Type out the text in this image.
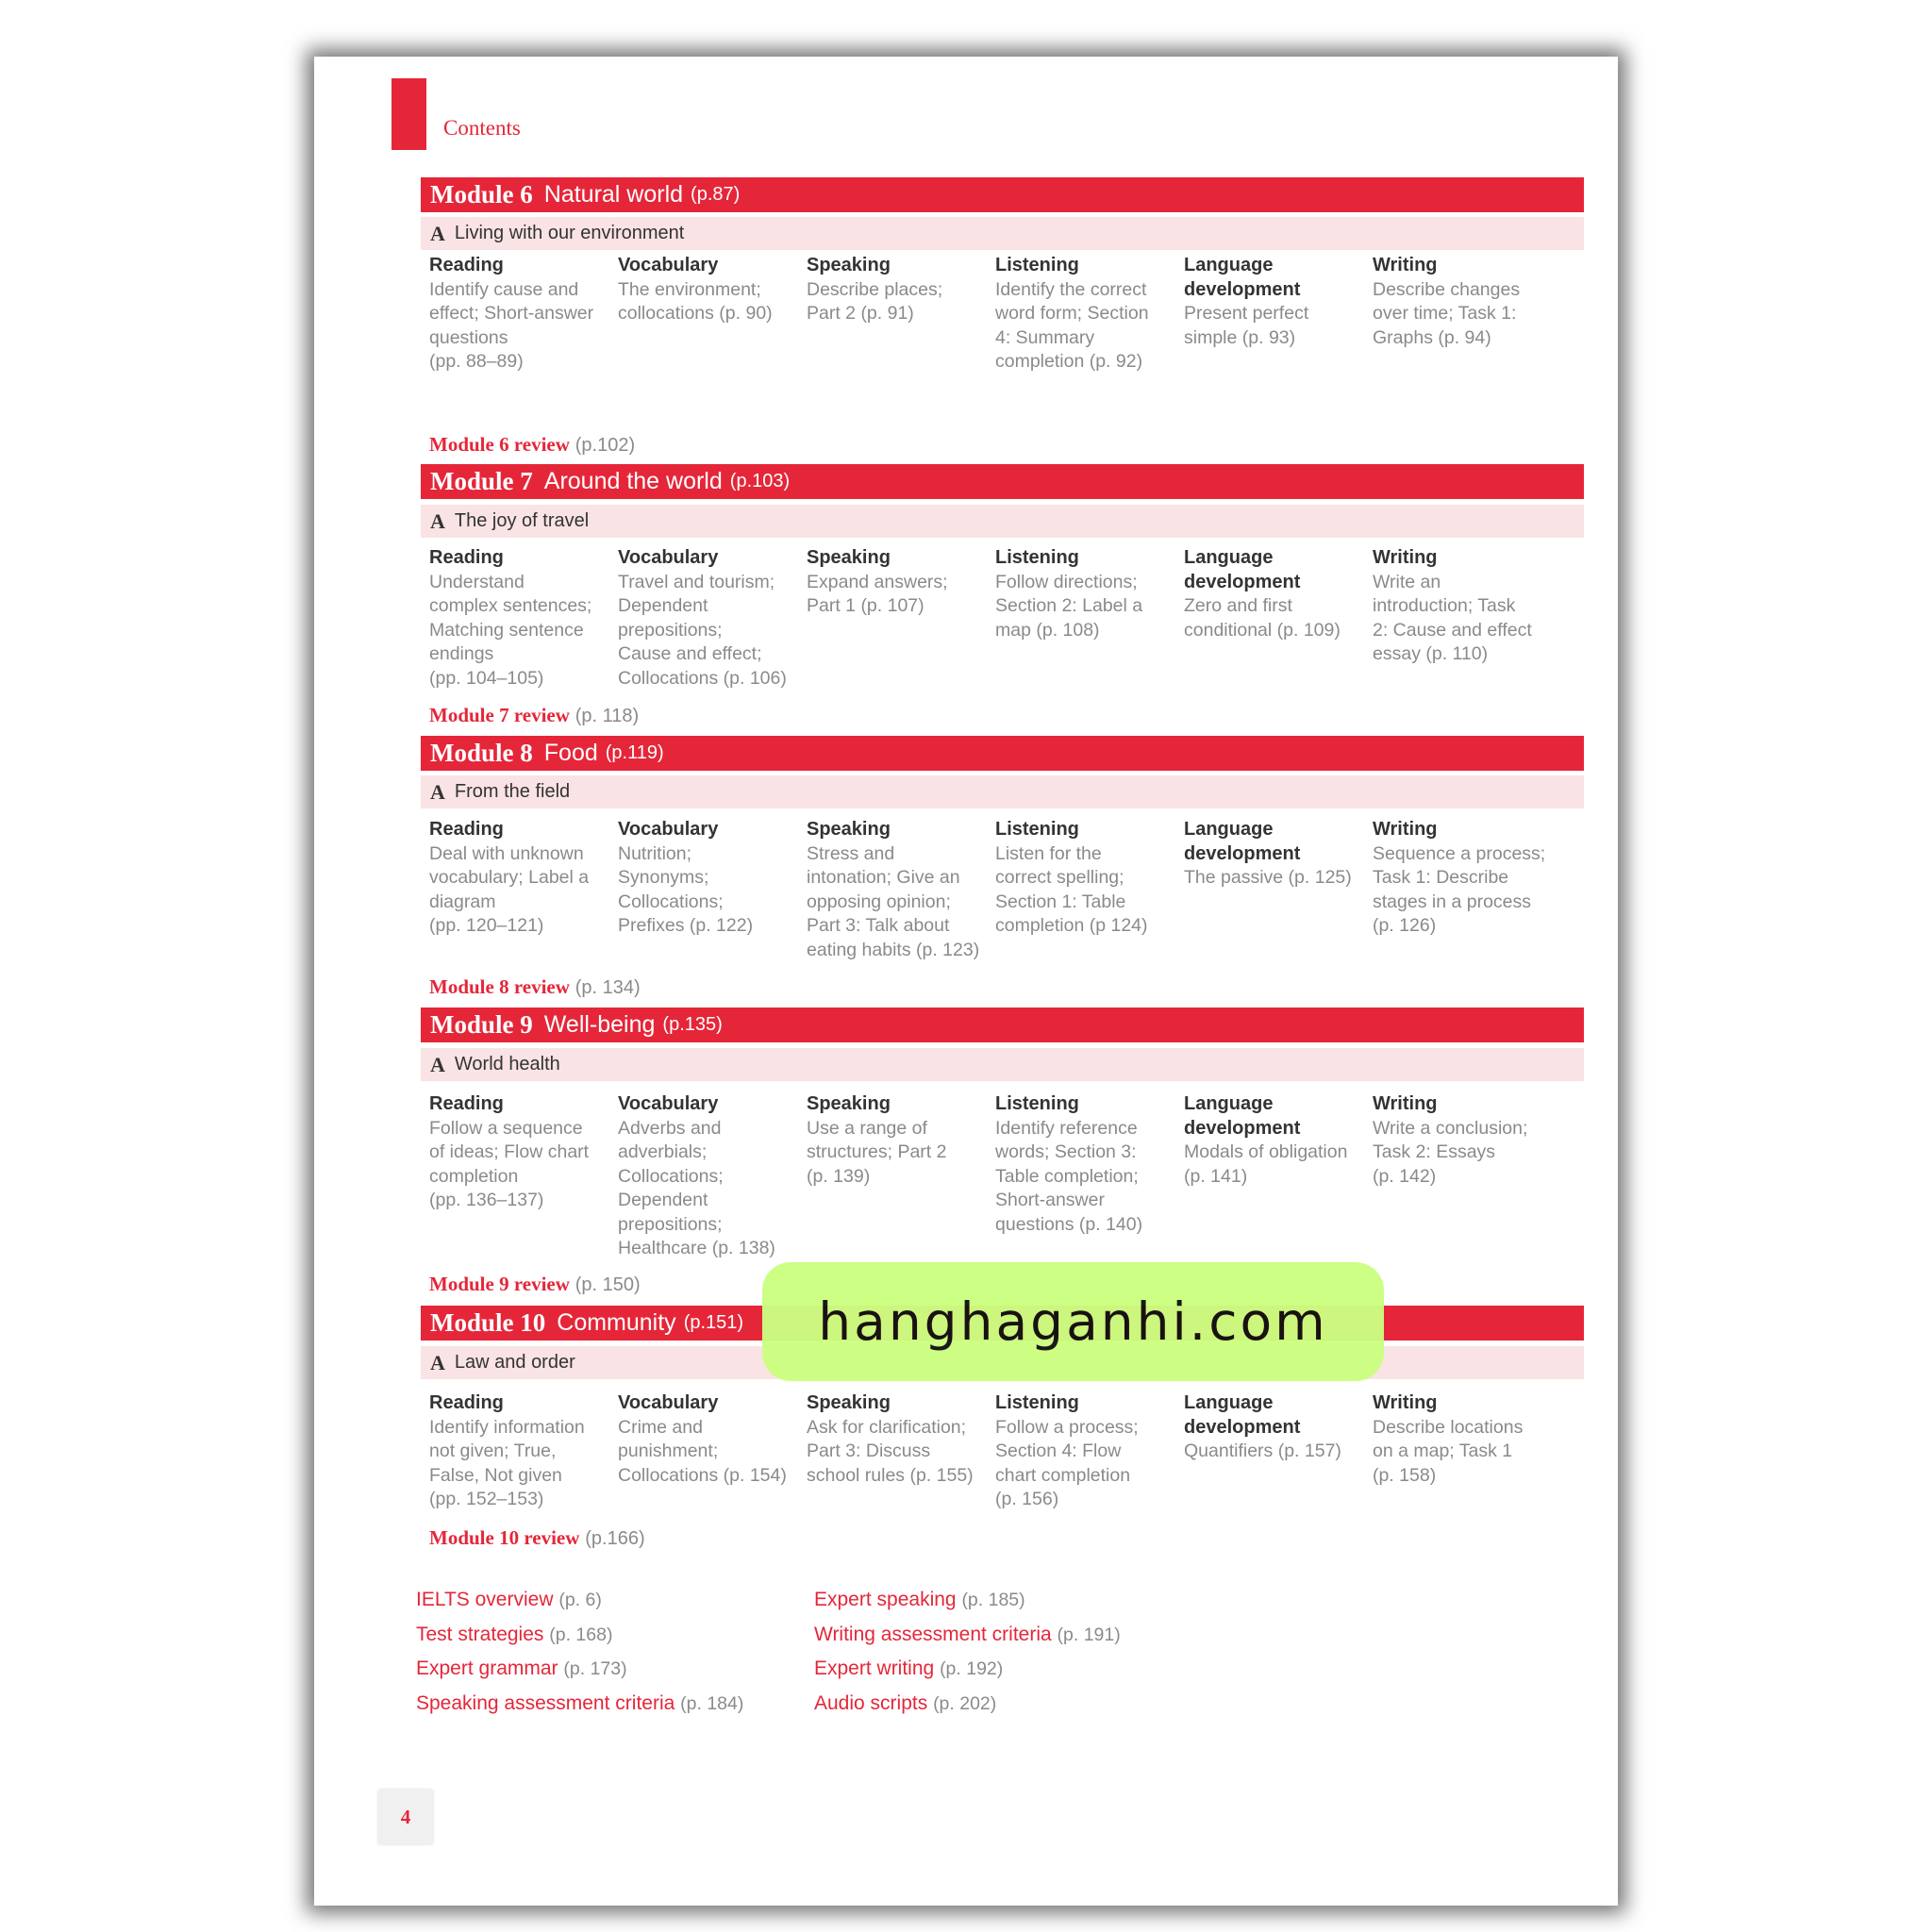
Contents
Module 6 Natural world (p.87)
A Living with our environment
Reading
Identify cause and
effect; Short-answer
questions
(pp. 88–89)
Vocabulary
The environment;
collocations (p. 90)
Speaking
Describe places;
Part 2 (p. 91)
Listening
Identify the correct
word form; Section
4: Summary
completion (p. 92)
Language
development
Present perfect
simple (p. 93)
Writing
Describe changes
over time; Task 1:
Graphs (p. 94)
Module 6 review (p.102)
Module 7 Around the world (p.103)
A The joy of travel
Reading
Understand
complex sentences;
Matching sentence
endings
(pp. 104–105)
Vocabulary
Travel and tourism;
Dependent
prepositions;
Cause and effect;
Collocations (p. 106)
Speaking
Expand answers;
Part 1 (p. 107)
Listening
Follow directions;
Section 2: Label a
map (p. 108)
Language
development
Zero and first
conditional (p. 109)
Writing
Write an
introduction; Task
2: Cause and effect
essay (p. 110)
Module 7 review (p. 118)
Module 8 Food (p.119)
A From the field
Reading
Deal with unknown
vocabulary; Label a
diagram
(pp. 120–121)
Vocabulary
Nutrition;
Synonyms;
Collocations;
Prefixes (p. 122)
Speaking
Stress and
intonation; Give an
opposing opinion;
Part 3: Talk about
eating habits (p. 123)
Listening
Listen for the
correct spelling;
Section 1: Table
completion (p 124)
Language
development
The passive (p. 125)
Writing
Sequence a process;
Task 1: Describe
stages in a process
(p. 126)
Module 8 review (p. 134)
Module 9 Well-being (p.135)
A World health
Reading
Follow a sequence
of ideas; Flow chart
completion
(pp. 136–137)
Vocabulary
Adverbs and
adverbials;
Collocations;
Dependent
prepositions;
Healthcare (p. 138)
Speaking
Use a range of
structures; Part 2
(p. 139)
Listening
Identify reference
words; Section 3:
Table completion;
Short-answer
questions (p. 140)
Language
development
Modals of obligation
(p. 141)
Writing
Write a conclusion;
Task 2: Essays
(p. 142)
Module 9 review (p. 150)
Module 10 Community (p.151)
A Law and order
Reading
Identify information
not given; True,
False, Not given
(pp. 152–153)
Vocabulary
Crime and
punishment;
Collocations (p. 154)
Speaking
Ask for clarification;
Part 3: Discuss
school rules (p. 155)
Listening
Follow a process;
Section 4: Flow
chart completion
(p. 156)
Language
development
Quantifiers (p. 157)
Writing
Describe locations
on a map; Task 1
(p. 158)
Module 10 review (p.166)
IELTS overview (p. 6)
Test strategies (p. 168)
Expert grammar (p. 173)
Speaking assessment criteria (p. 184)
Expert speaking (p. 185)
Writing assessment criteria (p. 191)
Expert writing (p. 192)
Audio scripts (p. 202)
4
hanghaganhi.com
